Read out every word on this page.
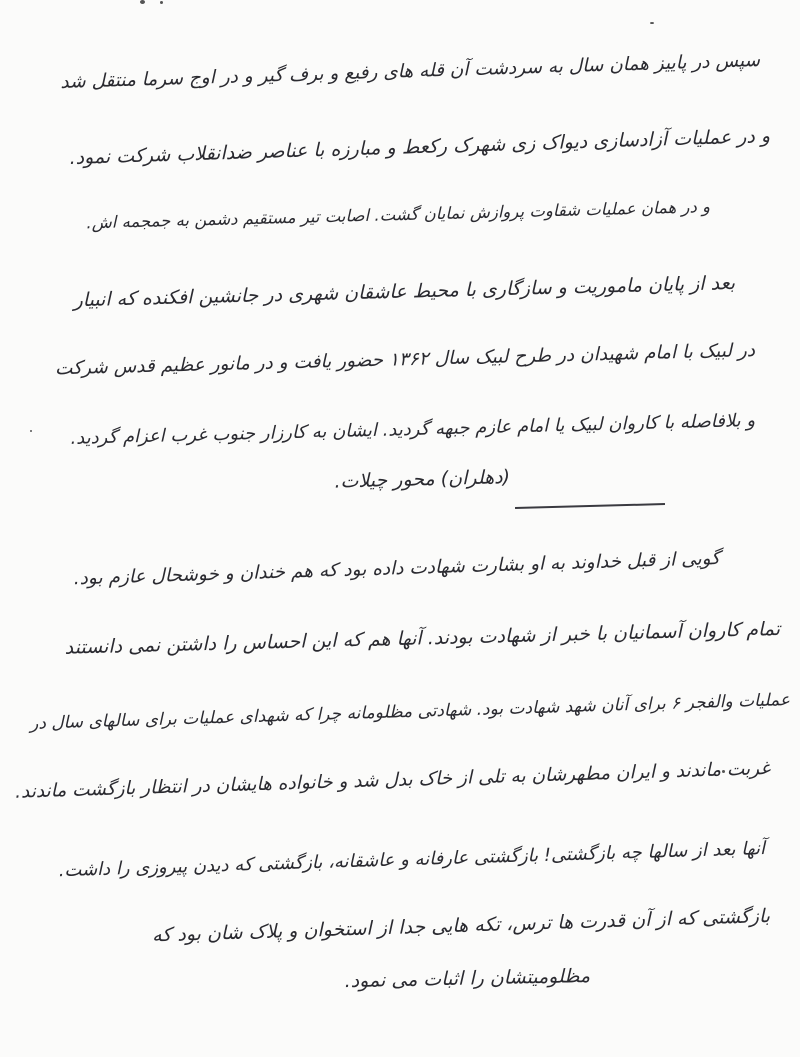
سپس در پاییز همان سال به سردشت آن قله های رفیع و برف گیر و در اوج سرما منتقل شد
و در عملیات آزادسازی دیواک زی شهرک رکعط و مبارزه با عناصر ضدانقلاب شرکت نمود.
و در همان عملیات شقاوت پروازش نمایان گشت. اصابت تیر مستقیم دشمن به جمجمه اش.
بعد از پایان ماموریت و سازگاری با محیط عاشقان شهری در جانشین افکنده که انبیار
در لبیک با امام شهیدان در طرح لبیک سال ۱۳۶۲ حضور یافت و در مانور عظیم قدس شرکت
و بلافاصله با کاروان لبیک یا امام عازم جبهه گردید. ایشان به کارزار جنوب غرب اعزام گردید.
(دهلران) محور چیلات.
گویی از قبل خداوند به او بشارت شهادت داده بود که هم خندان و خوشحال عازم بود.
تمام کاروان آسمانیان با خبر از شهادت بودند. آنها هم که این احساس را داشتن نمی دانستند
عملیات والفجر ۶ برای آنان شهد شهادت بود. شهادتی مظلومانه چرا که شهدای عملیات برای سالهای سال در
غربت ماندند و ایران مطهرشان به تلی از خاک بدل شد و خانواده هایشان در انتظار بازگشت ماندند.
آنها بعد از سالها چه بازگشتی! بازگشتی عارفانه و عاشقانه، بازگشتی که دیدن پیروزی را داشت.
بازگشتی که از آن قدرت ها ترس، تکه هایی جدا از استخوان و پلاک شان بود که
مظلومیتشان را اثبات می نمود.
